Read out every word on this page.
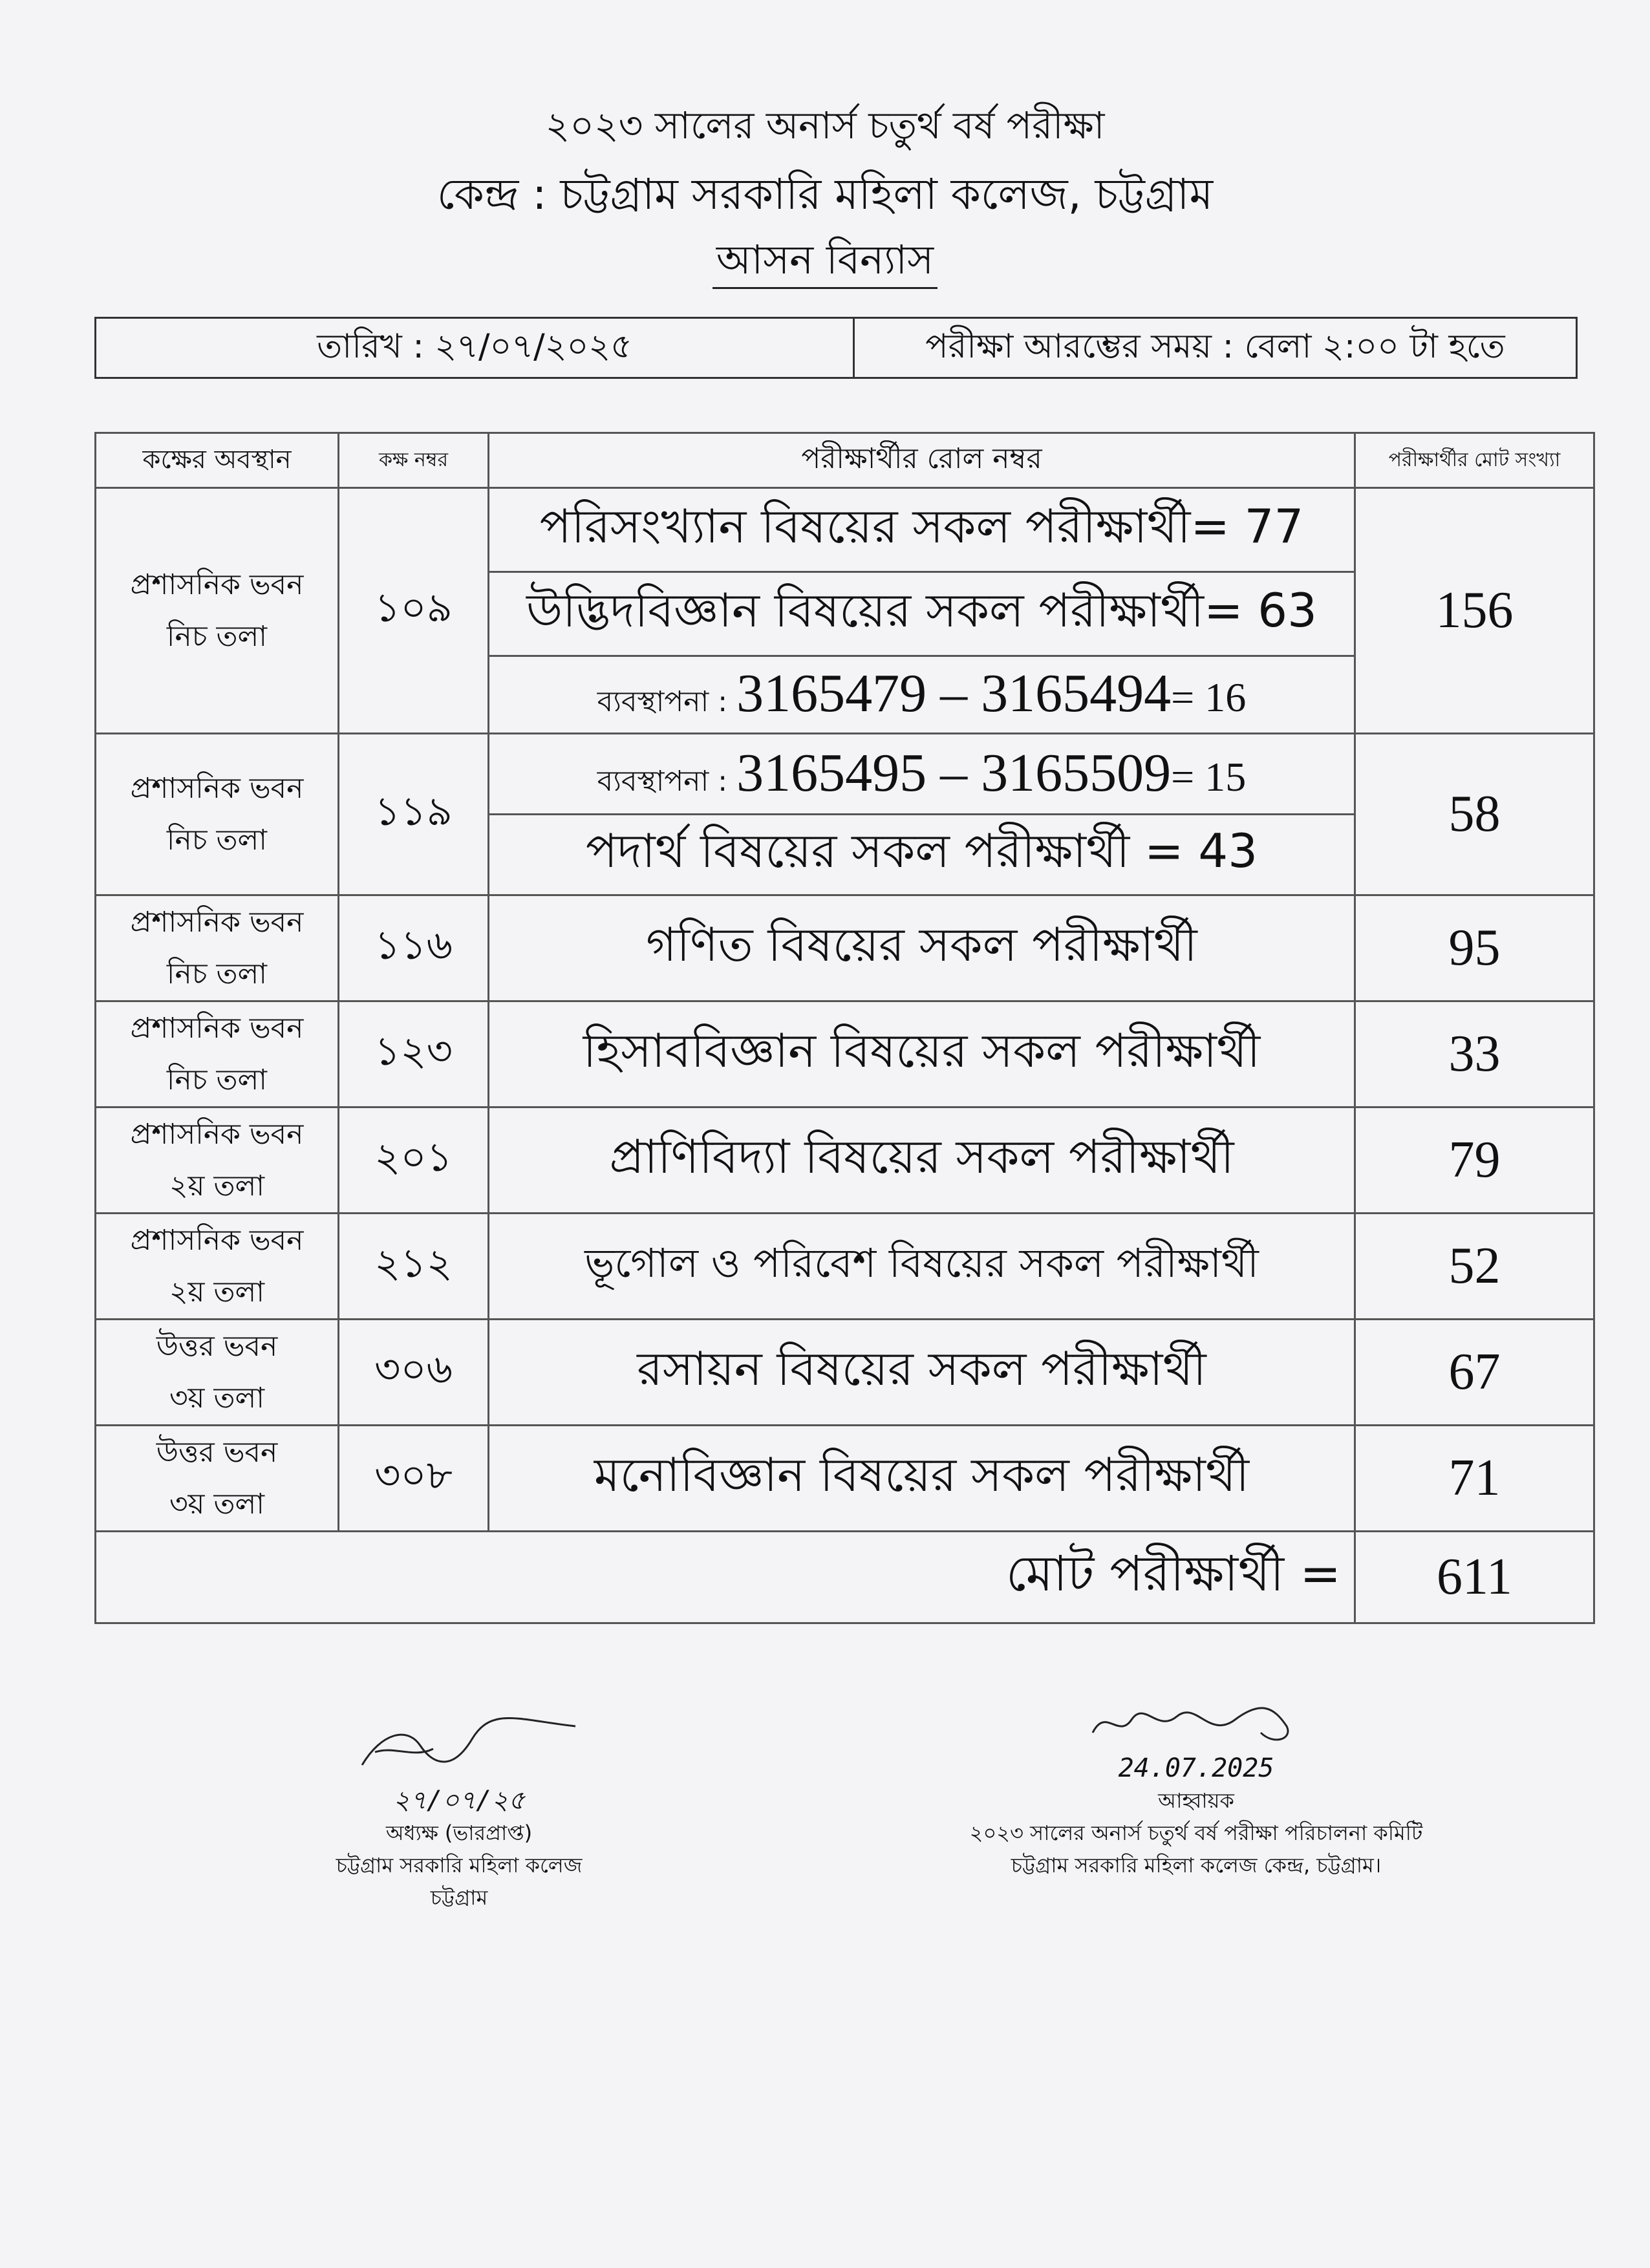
২০২৩ সালের অনার্স চতুর্থ বর্ষ পরীক্ষা
কেন্দ্র : চট্টগ্রাম সরকারি মহিলা কলেজ, চট্টগ্রাম
আসন বিন্যাস
তারিখ : ২৭/০৭/২০২৫	পরীক্ষা আরম্ভের সময় : বেলা ২:০০ টা হতে
কক্ষের অবস্থান	কক্ষ নম্বর	পরীক্ষার্থীর রোল নম্বর	পরীক্ষার্থীর মোট সংখ্যা
প্রশাসনিক ভবন
নিচ তলা	১০৯	পরিসংখ্যান বিষয়ের সকল পরীক্ষার্থী= 77	156
		উদ্ভিদবিজ্ঞান বিষয়ের সকল পরীক্ষার্থী= 63	
		ব্যবস্থাপনা : 3165479 – 3165494= 16	
প্রশাসনিক ভবন
নিচ তলা	১১৯	ব্যবস্থাপনা : 3165495 – 3165509= 15	58
		পদার্থ বিষয়ের সকল পরীক্ষার্থী = 43	
প্রশাসনিক ভবন
নিচ তলা	১১৬	গণিত বিষয়ের সকল পরীক্ষার্থী	95
প্রশাসনিক ভবন
নিচ তলা	১২৩	হিসাববিজ্ঞান বিষয়ের সকল পরীক্ষার্থী	33
প্রশাসনিক ভবন
২য় তলা	২০১	প্রাণিবিদ্যা বিষয়ের সকল পরীক্ষার্থী	79
প্রশাসনিক ভবন
২য় তলা	২১২	ভূগোল ও পরিবেশ বিষয়ের সকল পরীক্ষার্থী	52
উত্তর ভবন
৩য় তলা	৩০৬	রসায়ন বিষয়ের সকল পরীক্ষার্থী	67
উত্তর ভবন
৩য় তলা	৩০৮	মনোবিজ্ঞান বিষয়ের সকল পরীক্ষার্থী	71
মোট পরীক্ষার্থী =			611
২৭/০৭/২৫
অধ্যক্ষ (ভারপ্রাপ্ত)
চট্টগ্রাম সরকারি মহিলা কলেজ
চট্টগ্রাম
24.07.2025
আহ্বায়ক
২০২৩ সালের অনার্স চতুর্থ বর্ষ পরীক্ষা পরিচালনা কমিটি
চট্টগ্রাম সরকারি মহিলা কলেজ কেন্দ্র, চট্টগ্রাম।
